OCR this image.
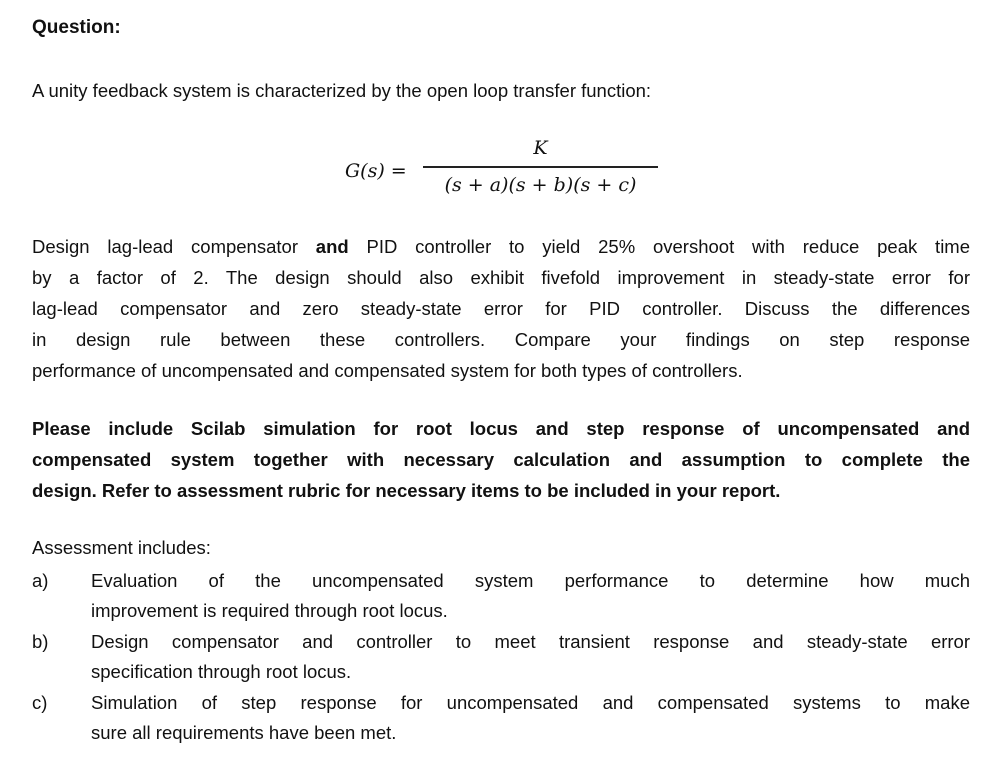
Question:
A unity feedback system is characterized by the open loop transfer function:
G(s) =
K
(s + a)(s + b)(s + c)
Design lag-lead compensator and PID controller to yield 25% overshoot with reduce peak time
by a factor of 2. The design should also exhibit fivefold improvement in steady-state error for
lag-lead compensator and zero steady-state error for PID controller. Discuss the differences
in design rule between these controllers. Compare your findings on step response
performance of uncompensated and compensated system for both types of controllers.
Please include Scilab simulation for root locus and step response of uncompensated and
compensated system together with necessary calculation and assumption to complete the
design. Refer to assessment rubric for necessary items to be included in your report.
Assessment includes:
a)	Evaluation of the uncompensated system performance to determine how much
improvement is required through root locus.
b)	Design compensator and controller to meet transient response and steady-state error
specification through root locus.
c)	Simulation of step response for uncompensated and compensated systems to make
sure all requirements have been met.
